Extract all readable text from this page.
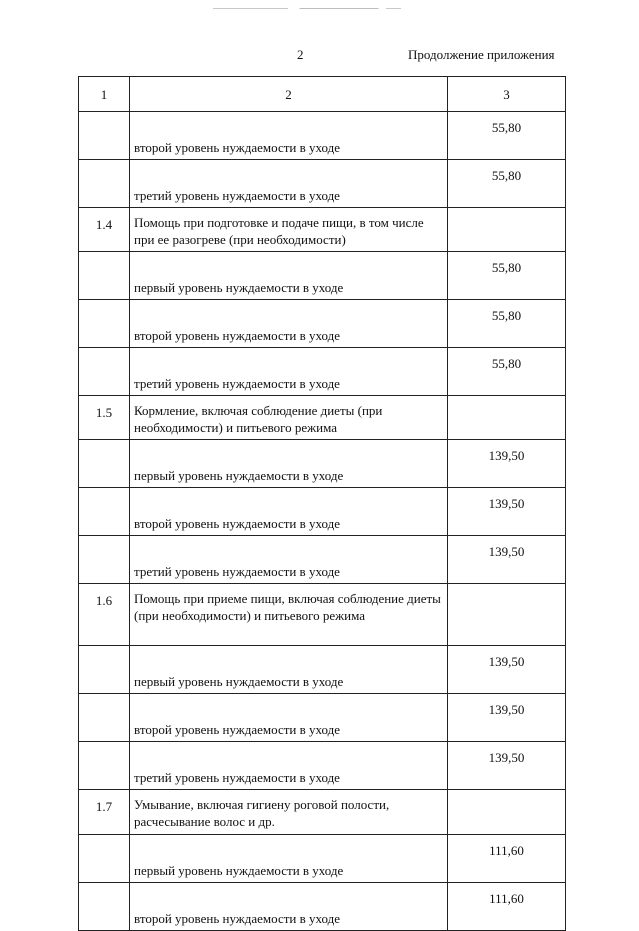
2	Продолжение приложения
1	2	3
	второй уровень нуждаемости в уходе	55,80
	третий уровень нуждаемости в уходе	55,80
1.4	Помощь при подготовке и подаче пищи, в том числе при ее разогреве (при необходимости)	
	первый уровень нуждаемости в уходе	55,80
	второй уровень нуждаемости в уходе	55,80
	третий уровень нуждаемости в уходе	55,80
1.5	Кормление, включая соблюдение диеты (при необходимости) и питьевого режима	
	первый уровень нуждаемости в уходе	139,50
	второй уровень нуждаемости в уходе	139,50
	третий уровень нуждаемости в уходе	139,50
1.6	Помощь при приеме пищи, включая соблюдение диеты (при необходимости) и питьевого режима	
	первый уровень нуждаемости в уходе	139,50
	второй уровень нуждаемости в уходе	139,50
	третий уровень нуждаемости в уходе	139,50
1.7	Умывание, включая гигиену роговой полости, расчесывание волос и др.	
	первый уровень нуждаемости в уходе	111,60
	второй уровень нуждаемости в уходе	111,60
